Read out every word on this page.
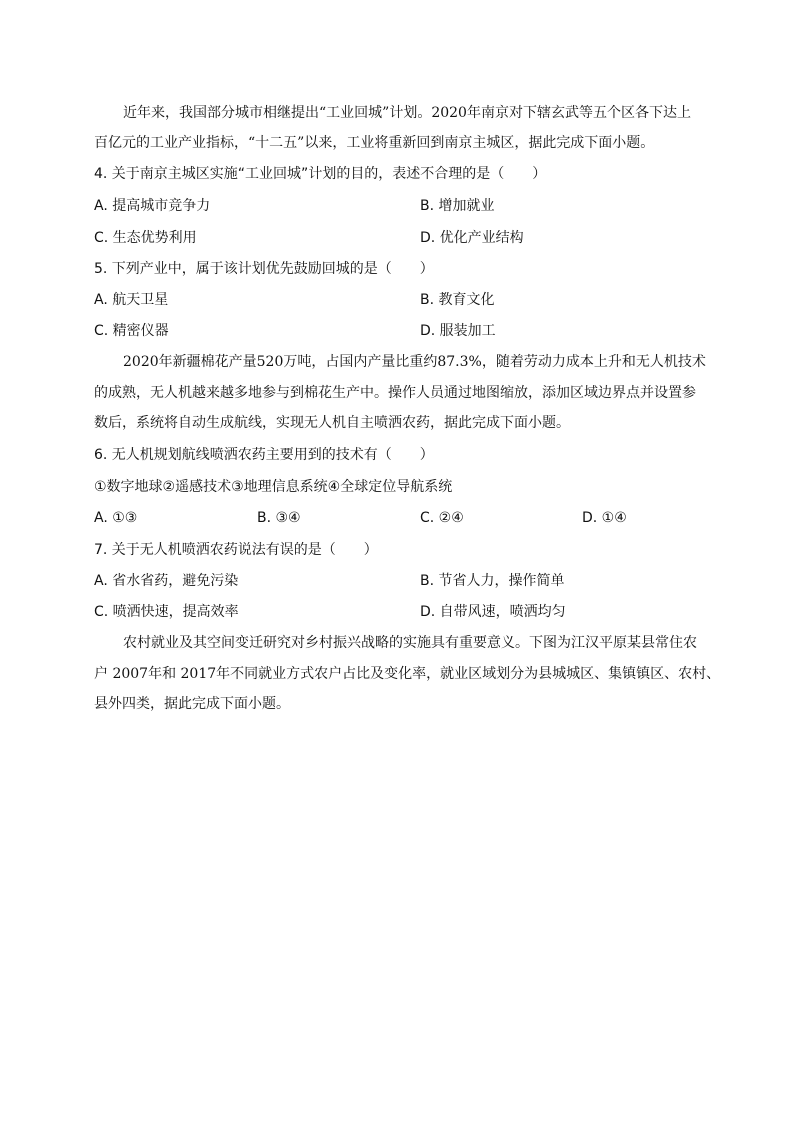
近年来，我国部分城市相继提出“工业回城”计划。2020年南京对下辖玄武等五个区各下达上
百亿元的工业产业指标，“十二五”以来，工业将重新回到南京主城区，据此完成下面小题。
4. 关于南京主城区实施“工业回城”计划的目的，表述不合理的是（　　）
A. 提高城市竞争力	B. 增加就业
C. 生态优势利用	D. 优化产业结构
5. 下列产业中，属于该计划优先鼓励回城的是（　　）
A. 航天卫星	B. 教育文化
C. 精密仪器	D. 服装加工
2020年新疆棉花产量520万吨，占国内产量比重约87.3%，随着劳动力成本上升和无人机技术
的成熟，无人机越来越多地参与到棉花生产中。操作人员通过地图缩放，添加区域边界点并设置参
数后，系统将自动生成航线，实现无人机自主喷洒农药，据此完成下面小题。
6. 无人机规划航线喷洒农药主要用到的技术有（　　）
①数字地球②遥感技术③地理信息系统④全球定位导航系统
A. ①③	B. ③④	C. ②④	D. ①④
7. 关于无人机喷洒农药说法有误的是（　　）
A. 省水省药，避免污染	B. 节省人力，操作简单
C. 喷洒快速，提高效率	D. 自带风速，喷洒均匀
农村就业及其空间变迁研究对乡村振兴战略的实施具有重要意义。下图为江汉平原某县常住农
户 2007年和 2017年不同就业方式农户占比及变化率，就业区域划分为县城城区、集镇镇区、农村、
县外四类，据此完成下面小题。
